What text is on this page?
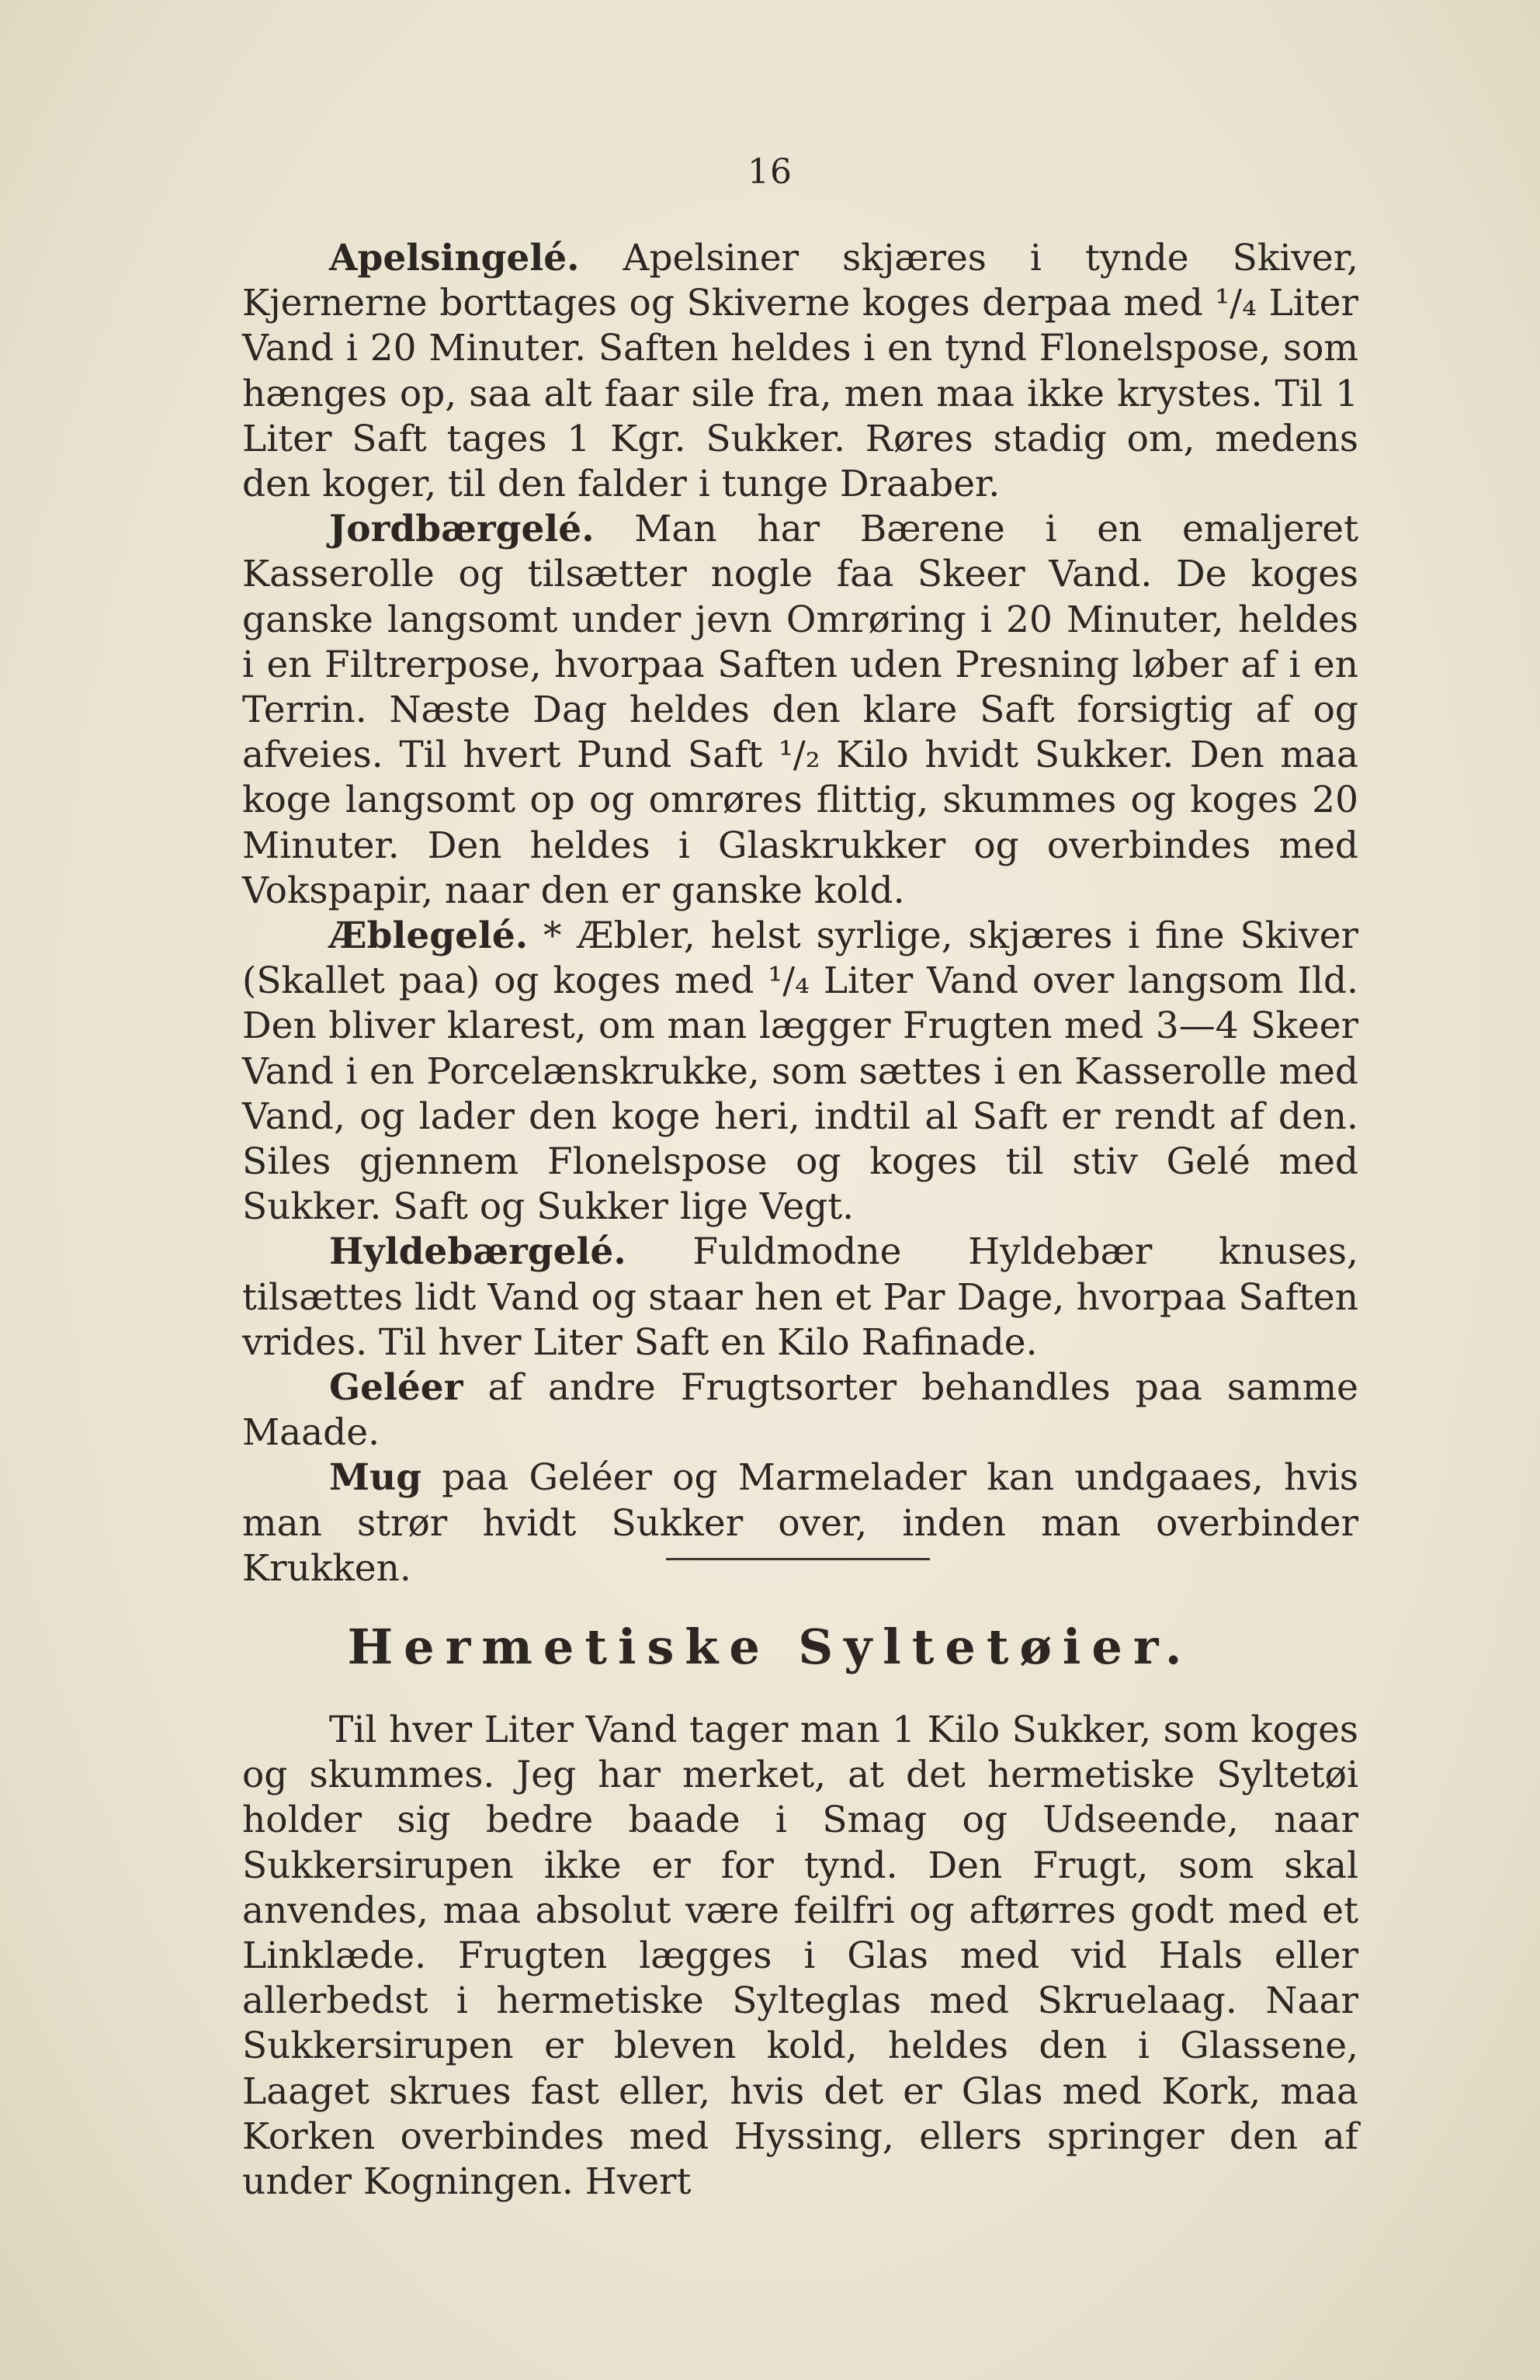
16

Apelsingelé. Apelsiner skjæres i tynde Skiver, Kjernerne borttages og Skiverne koges derpaa med ¹/₄ Liter Vand i 20 Minuter. Saften heldes i en tynd Flonelspose, som hænges op, saa alt faar sile fra, men maa ikke krystes. Til 1 Liter Saft tages 1 Kgr. Sukker. Røres stadig om, medens den koger, til den falder i tunge Draaber.

Jordbærgelé. Man har Bærene i en emaljeret Kasserolle og tilsætter nogle faa Skeer Vand. De koges ganske langsomt under jevn Omrøring i 20 Minuter, heldes i en Filtrerpose, hvorpaa Saften uden Presning løber af i en Terrin. Næste Dag heldes den klare Saft forsigtig af og afveies. Til hvert Pund Saft ¹/₂ Kilo hvidt Sukker. Den maa koge langsomt op og omrøres flittig, skummes og koges 20 Minuter. Den heldes i Glaskrukker og overbindes med Vokspapir, naar den er ganske kold.

Æblegelé. * Æbler, helst syrlige, skjæres i fine Skiver (Skallet paa) og koges med ¹/₄ Liter Vand over langsom Ild. Den bliver klarest, om man lægger Frugten med 3—4 Skeer Vand i en Porcelænskrukke, som sættes i en Kasserolle med Vand, og lader den koge heri, indtil al Saft er rendt af den. Siles gjennem Flonelspose og koges til stiv Gelé med Sukker. Saft og Sukker lige Vegt.

Hyldebærgelé. Fuldmodne Hyldebær knuses, tilsættes lidt Vand og staar hen et Par Dage, hvorpaa Saften vrides. Til hver Liter Saft en Kilo Rafinade.

Geléer af andre Frugtsorter behandles paa samme Maade.

Mug paa Geléer og Marmelader kan undgaaes, hvis man strør hvidt Sukker over, inden man overbinder Krukken.

Hermetiske Syltetøier.

Til hver Liter Vand tager man 1 Kilo Sukker, som koges og skummes. Jeg har merket, at det hermetiske Syltetøi holder sig bedre baade i Smag og Udseende, naar Sukkersirupen ikke er for tynd. Den Frugt, som skal anvendes, maa absolut være feilfri og aftørres godt med et Linklæde. Frugten lægges i Glas med vid Hals eller allerbedst i hermetiske Sylteglas med Skruelaag. Naar Sukkersirupen er bleven kold, heldes den i Glassene, Laaget skrues fast eller, hvis det er Glas med Kork, maa Korken overbindes med Hyssing, ellers springer den af under Kogningen. Hvert
